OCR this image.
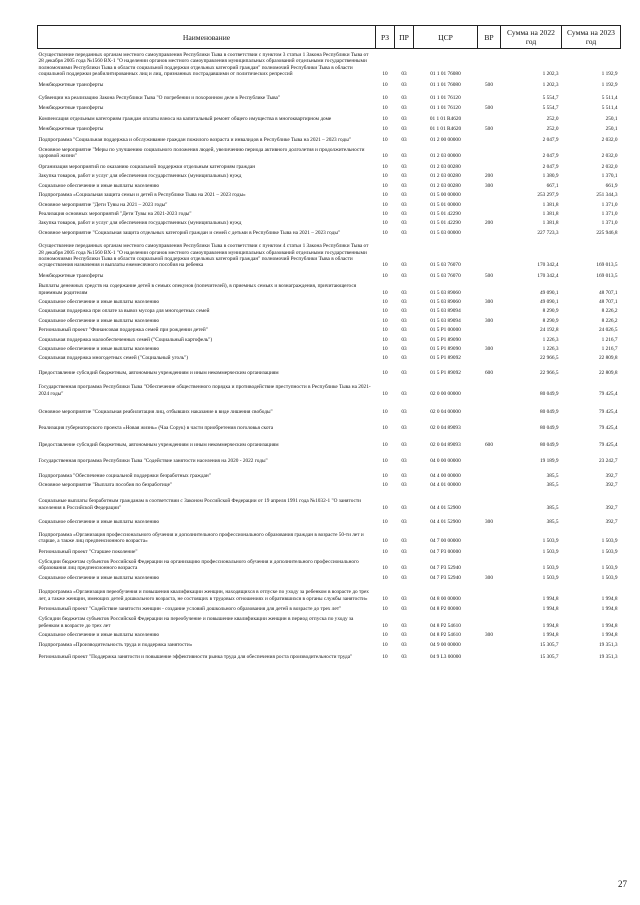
Наименование	РЗ	ПР	ЦСР	ВР	Сумма на 2022 год	Сумма на 2023 год
Осуществление переданных органам местного самоуправления Республики Тыва в соответствии с пунктом 3 статьи 1 Закона Республики Тыва от 28 декабря 2005 года №1560 ВХ-1 "О наделении органов местного самоуправления муниципальных образований отдельными государственными полномочиями Республики Тыва в области социальной поддержки отдельных категорий граждан" полномочий Республики Тыва в области социальной поддержки реабилитированных лиц и лиц, признанных пострадавшими от политических репрессий	10	03	01 1 01 76080		1 202,3	1 192,9
Межбюджетные трансферты	10	03	01 1 01 76080	500	1 202,3	1 192,9
Субвенции на реализацию Закона Республики Тыва "О погребении и похоронном деле в Республике Тыва"	10	03	01 1 01 76120		5 554,7	5 511,4
Межбюджетные трансферты	10	03	01 1 01 76120	500	5 554,7	5 511,4
Компенсация отдельным категориям граждан оплаты взноса на капитальный ремонт общего имущества в многоквартирном доме	10	03	01 1 01 R4620		252,0	250,1
Межбюджетные трансферты	10	03	01 1 01 R4620	500	252,0	250,1
Подпрограмма "Социальная поддержка и обслуживание граждан пожилого возраста и инвалидов в Республике Тыва на 2021 – 2023 годы"	10	03	01 2 00 00000		2 047,9	2 032,0
Основное мероприятие "Меры по улучшению социального положения людей, увеличению периода активного долголетия и продолжительности здоровой жизни"	10	03	01 2 03 00000		2 047,9	2 032,0
Организация мероприятий по оказанию социальной поддержки отдельным категориям граждан	10	03	01 2 03 00280		2 047,9	2 032,0
Закупка товаров, работ и услуг для обеспечения государственных (муниципальных) нужд	10	03	01 2 03 00280	200	1 380,9	1 370,1
Социальное обеспечение и иные выплаты населению	10	03	01 2 03 00280	300	667,1	661,9
Подпрограмма «Социальная защита семьи и детей в Республике Тыва на 2021 – 2023 годы»	10	03	01 5 00 00000		253 297,9	251 344,3
Основное мероприятие "Дети Тувы на 2021 – 2023 годы"	10	03	01 5 01 00000		1 381,8	1 371,0
Реализация основных мероприятий "Дети Тувы на 2021-2023 годы"	10	03	01 5 01 42290		1 381,8	1 371,0
Закупка товаров, работ и услуг для обеспечения государственных (муниципальных) нужд	10	03	01 5 01 42290	200	1 381,8	1 371,0
Основное мероприятие "Социальная защита отдельных категорий граждан и семей с детьми в Республике Тыва на 2021 – 2023 годы"	10	03	01 5 03 00000		227 723,3	225 946,8
Осуществление переданных органам местного самоуправления Республики Тыва в соответствии с пунктом 4 статьи 1 Закона Республики Тыва от 28 декабря 2005 года №1560 ВХ-1 "О наделении органов местного самоуправления муниципальных образований отдельными государственными полномочиями Республики Тыва в области социальной поддержки отдельных категорий граждан" полномочий Республики Тыва в области осуществления назначения и выплаты ежемесячного пособия на ребенка	10	03	01 5 03 76070		170 342,4	169 013,5
Межбюджетные трансферты	10	03	01 5 03 76070	500	170 342,4	169 013,5
Выплаты денежных средств на содержание детей в семьях опекунов (попечителей), в приемных семьях и вознаграждения, причитающегося приемным родителям	10	03	01 5 03 89060		49 090,1	48 707,1
Социальное обеспечение и иные выплаты населению	10	03	01 5 03 89060	300	49 090,1	48 707,1
Социальная поддержка при оплате за вывоз мусора для многодетных семей	10	03	01 5 03 89094		8 290,9	8 226,2
Социальное обеспечение и иные выплаты населению	10	03	01 5 03 89094	300	8 290,9	8 226,2
Региональный проект "Финансовая поддержка семей при рождении детей"	10	03	01 5 P1 00000		24 192,8	24 026,5
Социальная поддержка малообеспеченных семей ("Социальный картофель")	10	03	01 5 P1 89090		1 226,3	1 216,7
Социальное обеспечение и иные выплаты населению	10	03	01 5 P1 89090	300	1 226,3	1 216,7
Социальная поддержка многодетных семей ("Социальный уголь")	10	03	01 5 P1 89092		22 966,5	22 809,8
Предоставление субсидий бюджетным, автономным учреждениям и иным некоммерческим организациям	10	03	01 5 P1 89092	600	22 966,5	22 809,8
Государственная программа Республики Тыва "Обеспечение общественного порядка и противодействие преступности в Республике Тыва на 2021-2024 годы"	10	03	02 0 00 00000		80 049,9	79 425,4
Основное мероприятие "Социальная реабилитация лиц, отбывших наказание в виде лишения свободы"	10	03	02 0 04 00000		80 049,9	79 425,4
Реализация губернаторского проекта «Новая жизнь» (Чаа Сорук) в части приобретения поголовья скота	10	03	02 0 04 89093		80 049,9	79 425,4
Предоставление субсидий бюджетным, автономным учреждениям и иным некоммерческим организациям	10	03	02 0 04 89093	600	80 049,9	79 425,4
Государственная программа Республики Тыва "Содействие занятости населения на 2020 - 2022 годы"	10	03	04 0 00 00000		19 189,9	23 242,7
Подпрограмма "Обеспечение социальной поддержки безработных граждан"	10	03	04 4 00 00000		385,5	392,7
Основное мероприятие "Выплата пособия по безработице"	10	03	04 4 01 00000		385,5	392,7
Социальные выплаты безработным гражданам в соответствии с Законом Российской Федерации от 19 апреля 1991 года №1032-1 "О занятости населения в Российской Федерации"	10	03	04 4 01 52900		385,5	392,7
Социальное обеспечение и иные выплаты населению	10	03	04 4 01 52900	300	385,5	392,7
Подпрограмма «Организация профессионального обучения и дополнительного профессионального образования граждан в возрасте 50-ти лет и старше, а также лиц предпенсионного возраста»	10	03	04 7 00 00000		1 503,9	1 503,9
Региональный проект "Старшее поколение"	10	03	04 7 P3 00000		1 503,9	1 503,9
Субсидии бюджетам субъектов Российской Федерации на организацию профессионального обучения и дополнительного профессионального образования лиц предпенсионного возраста	10	03	04 7 P3 52940		1 503,9	1 503,9
Социальное обеспечение и иные выплаты населению	10	03	04 7 P3 52940	300	1 503,9	1 503,9
Подпрограмма «Организация переобучения и повышения квалификации женщин, находящихся в отпуске по уходу за ребенком в возрасте до трех лет, а также женщин, имеющих детей дошкольного возраста, не состоящих в трудовых отношениях и обратившихся в органы службы занятости»	10	03	04 8 00 00000		1 994,8	1 994,8
Региональный проект "Содействие занятости женщин - создание условий дошкольного образования для детей в возрасте до трех лет"	10	03	04 8 P2 00000		1 994,8	1 994,8
Субсидии бюджетам субъектов Российской Федерации на переобучение и повышение квалификации женщин в период отпуска по уходу за ребенком в возрасте до трех лет	10	03	04 8 P2 54610		1 994,8	1 994,8
Социальное обеспечение и иные выплаты населению	10	03	04 8 P2 54610	300	1 994,8	1 994,8
Подпрограмма «Производительность труда и поддержка занятости»	10	03	04 9 00 00000		15 305,7	19 351,3
Региональный проект "Поддержка занятости и повышение эффективности рынка труда для обеспечения роста производительности труда"	10	03	04 9 L3 00000		15 305,7	19 351,3
27
